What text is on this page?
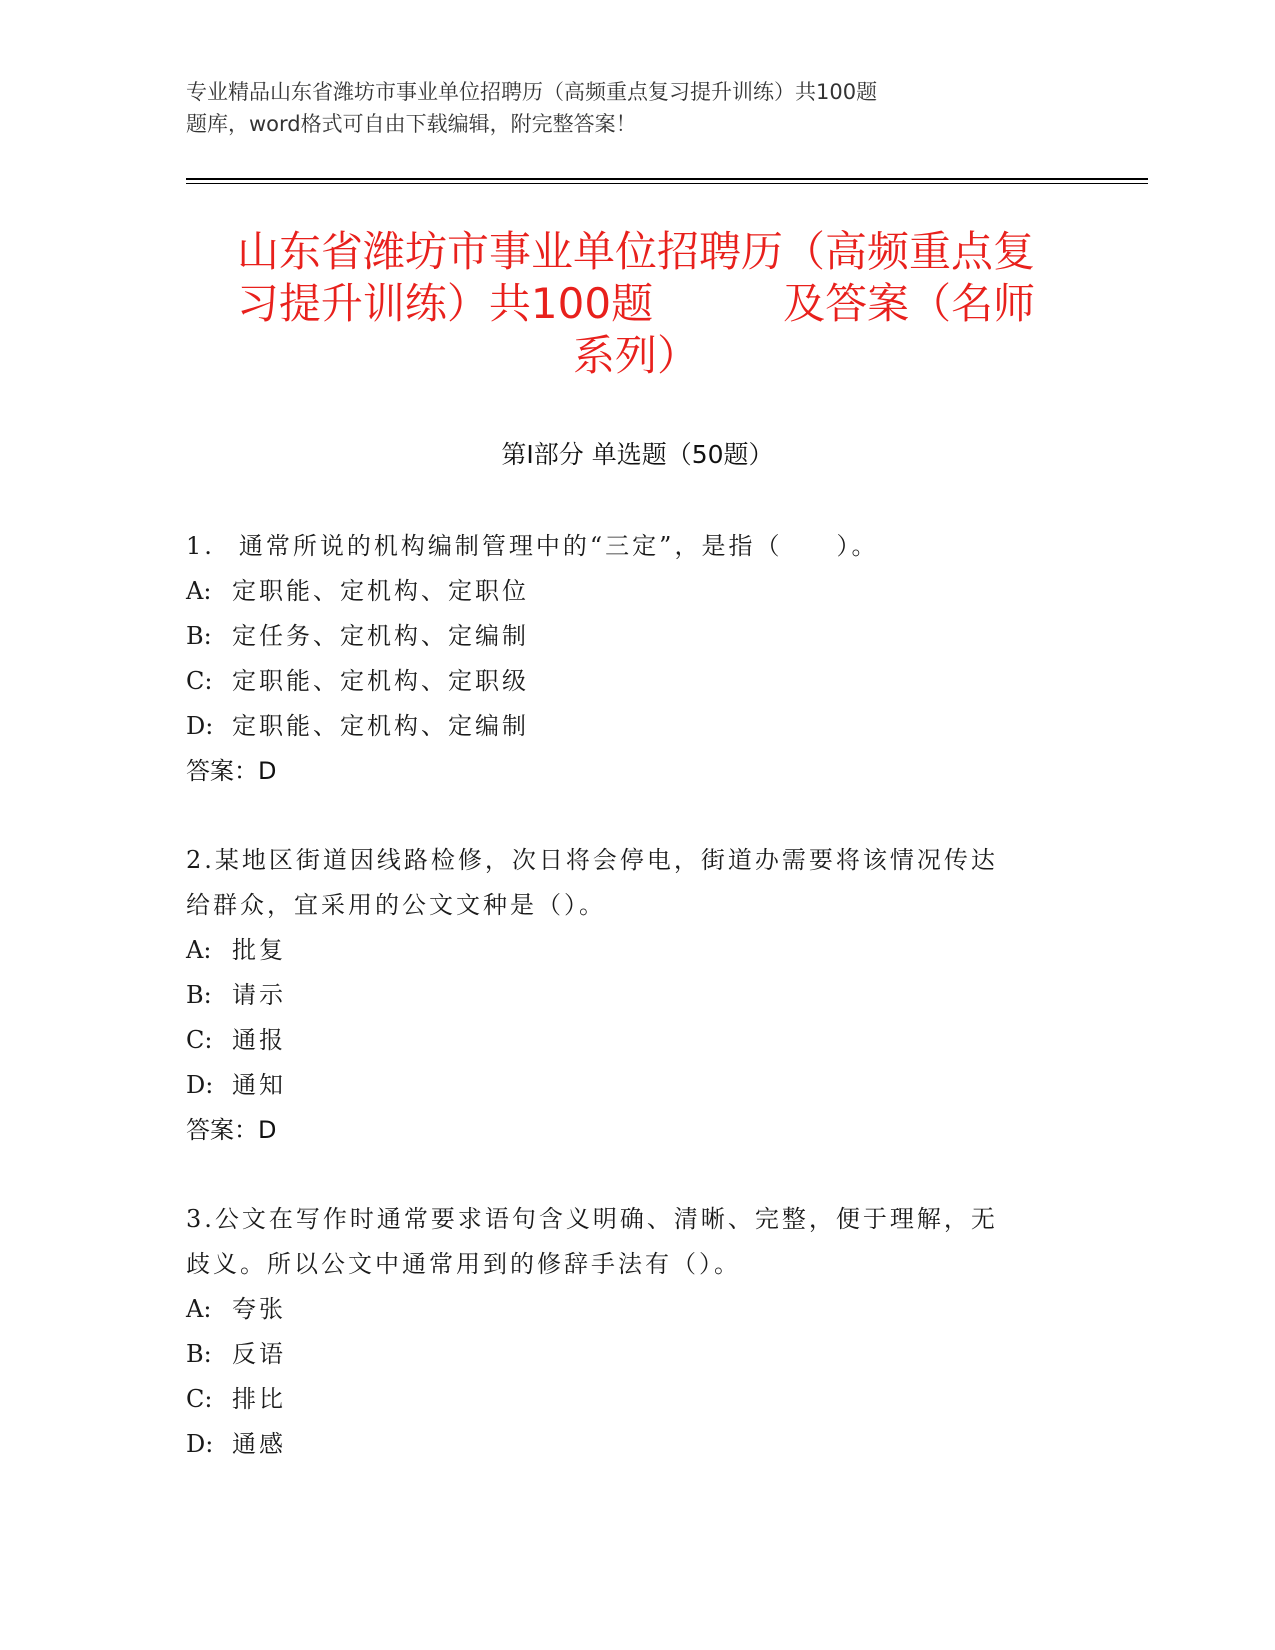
专业精品山东省潍坊市事业单位招聘历（高频重点复习提升训练）共100题
题库，word格式可自由下载编辑，附完整答案！
山东省潍坊市事业单位招聘历（高频重点复
习提升训练）共100题	及答案（名师
系列）
第Ⅰ部分 单选题（50题）

1. 通常所说的机构编制管理中的“三定”，是指（　　）。

A: 定职能、定机构、定职位

B: 定任务、定机构、定编制

C: 定职能、定机构、定职级

D: 定职能、定机构、定编制

答案：D

2.某地区街道因线路检修，次日将会停电，街道办需要将该情况传达

给群众，宜采用的公文文种是（）。

A: 批复

B: 请示

C: 通报

D: 通知

答案：D

3.公文在写作时通常要求语句含义明确、清晰、完整，便于理解，无

歧义。所以公文中通常用到的修辞手法有（）。

A: 夸张

B: 反语

C: 排比

D: 通感
